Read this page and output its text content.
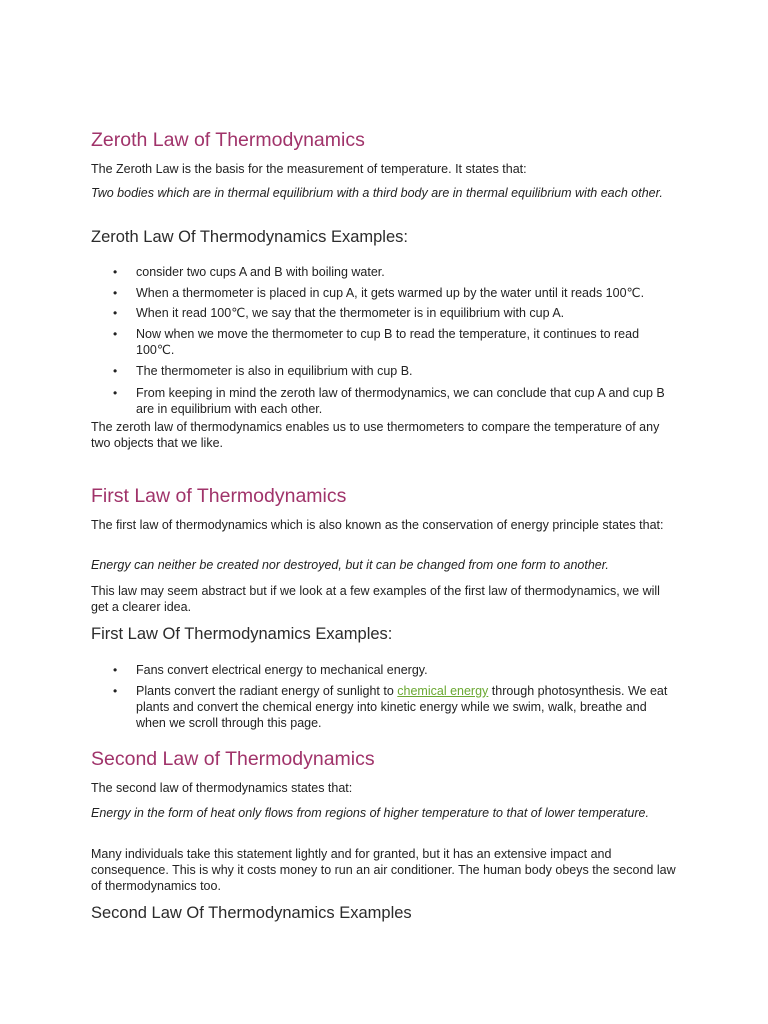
Zeroth Law of Thermodynamics

The Zeroth Law is the basis for the measurement of temperature. It states that:

Two bodies which are in thermal equilibrium with a third body are in thermal equilibrium with each other.

Zeroth Law Of Thermodynamics Examples:
• consider two cups A and B with boiling water.
• When a thermometer is placed in cup A, it gets warmed up by the water until it reads 100℃.
• When it read 100℃, we say that the thermometer is in equilibrium with cup A.
• Now when we move the thermometer to cup B to read the temperature, it continues to read 100℃.
• The thermometer is also in equilibrium with cup B.
• From keeping in mind the zeroth law of thermodynamics, we can conclude that cup A and cup B are in equilibrium with each other.

The zeroth law of thermodynamics enables us to use thermometers to compare the temperature of any two objects that we like.

First Law of Thermodynamics

The first law of thermodynamics which is also known as the conservation of energy principle states that:

Energy can neither be created nor destroyed, but it can be changed from one form to another.

This law may seem abstract but if we look at a few examples of the first law of thermodynamics, we will get a clearer idea.

First Law Of Thermodynamics Examples:
• Fans convert electrical energy to mechanical energy.
• Plants convert the radiant energy of sunlight to chemical energy through photosynthesis. We eat plants and convert the chemical energy into kinetic energy while we swim, walk, breathe and when we scroll through this page.
Second Law of Thermodynamics

The second law of thermodynamics states that:

Energy in the form of heat only flows from regions of higher temperature to that of lower temperature.

Many individuals take this statement lightly and for granted, but it has an extensive impact and consequence. This is why it costs money to run an air conditioner. The human body obeys the second law of thermodynamics too.

Second Law Of Thermodynamics Examples
